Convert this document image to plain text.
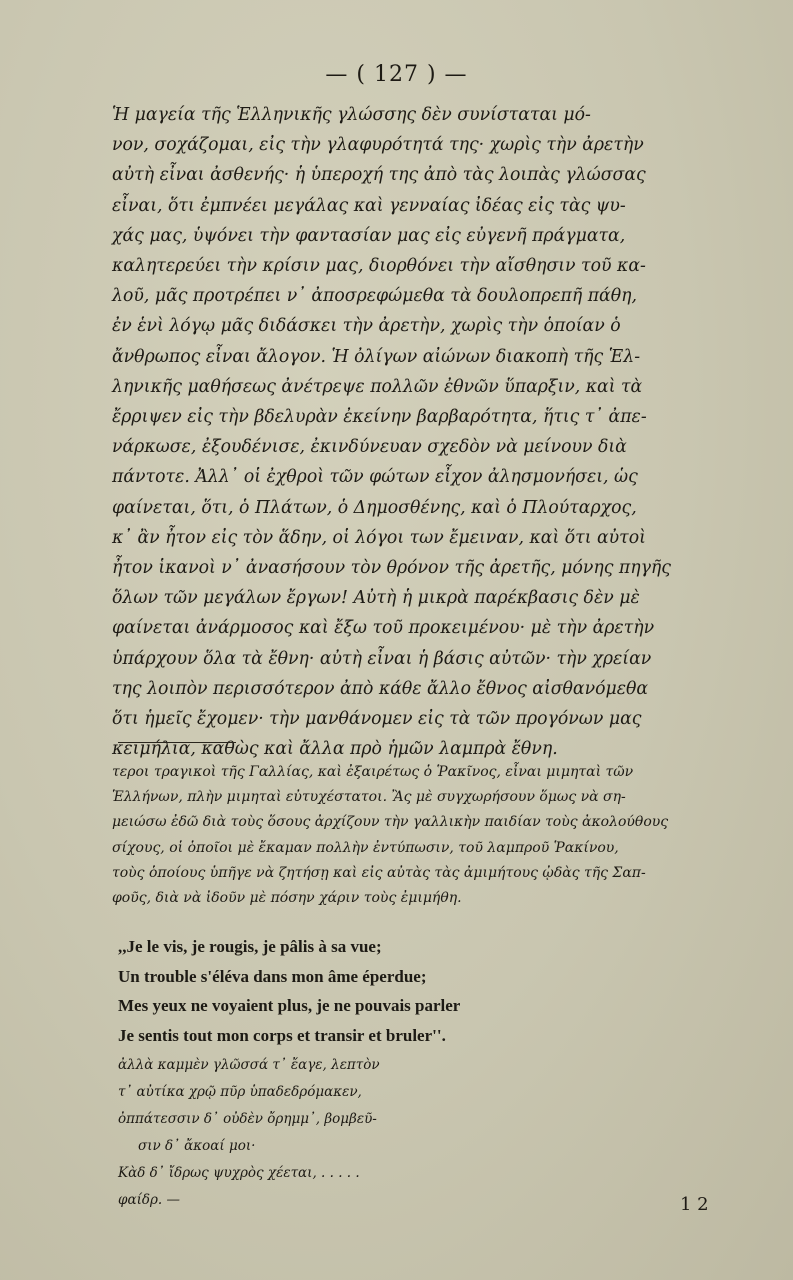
— ( 127 ) —
Ἡ μαγεία τῆς Ἑλληνικῆς γλώσσης δὲν συνίσταται μό-
νον, σοχάζομαι, εἰς τὴν γλαφυρότητά της· χωρὶς τὴν ἀρετὴν
αὐτὴ εἶναι ἀσθενής· ἡ ὑπεροχή της ἀπὸ τὰς λοιπὰς γλώσσας
εἶναι, ὅτι ἐμπνέει μεγάλας καὶ γενναίας ἰδέας εἰς τὰς ψυ-
χάς μας, ὑψόνει τὴν φαντασίαν μας εἰς εὐγενῆ πράγματα,
καλητερεύει τὴν κρίσιν μας, διορθόνει τὴν αἴσθησιν τοῦ κα-
λοῦ, μᾶς προτρέπει ν᾽ ἀποσρεφώμεθα τὰ δουλοπρεπῆ πάθη,
ἐν ἑνὶ λόγῳ μᾶς διδάσκει τὴν ἀρετὴν, χωρὶς τὴν ὁποίαν ὁ
ἄνθρωπος εἶναι ἄλογον. Ἡ ὀλίγων αἰώνων διακοπὴ τῆς Ἑλ-
ληνικῆς μαθήσεως ἀνέτρεψε πολλῶν ἐθνῶν ὕπαρξιν, καὶ τὰ
ἔρριψεν εἰς τὴν βδελυρὰν ἐκείνην βαρβαρότητα, ἥτις τ᾽ ἀπε-
νάρκωσε, ἐξουδένισε, ἐκινδύνευαν σχεδὸν νὰ μείνουν διὰ
πάντοτε. Ἀλλ᾽ οἱ ἐχθροὶ τῶν φώτων εἶχον ἀλησμονήσει, ὡς
φαίνεται, ὅτι, ὁ Πλάτων, ὁ Δημοσθένης, καὶ ὁ Πλούταρχος,
κ᾽ ἂν ἦτον εἰς τὸν ἅδην, οἱ λόγοι των ἔμειναν, καὶ ὅτι αὐτοὶ
ἦτον ἱκανοὶ ν᾽ ἀνασήσουν τὸν θρόνον τῆς ἀρετῆς, μόνης πηγῆς
ὅλων τῶν μεγάλων ἔργων! Αὐτὴ ἡ μικρὰ παρέκβασις δὲν μὲ
φαίνεται ἀνάρμοσος καὶ ἔξω τοῦ προκειμένου· μὲ τὴν ἀρετὴν
ὑπάρχουν ὅλα τὰ ἔθνη· αὐτὴ εἶναι ἡ βάσις αὐτῶν· τὴν χρείαν
της λοιπὸν περισσότερον ἀπὸ κάθε ἄλλο ἔθνος αἰσθανόμεθα
ὅτι ἡμεῖς ἔχομεν· τὴν μανθάνομεν εἰς τὰ τῶν προγόνων μας
κειμήλια, καθὼς καὶ ἄλλα πρὸ ἡμῶν λαμπρὰ ἔθνη.
τεροι τραγικοὶ τῆς Γαλλίας, καὶ ἐξαιρέτως ὁ Ῥακῖνος, εἶναι μιμηταὶ τῶν
Ἑλλήνων, πλὴν μιμηταὶ εὐτυχέστατοι. Ἂς μὲ συγχωρήσουν ὅμως νὰ ση-
μειώσω ἐδῶ διὰ τοὺς ὅσους ἀρχίζουν τὴν γαλλικὴν παιδίαν τοὺς ἀκολούθους
σίχους, οἱ ὁποῖοι μὲ ἔκαμαν πολλὴν ἐντύπωσιν, τοῦ λαμπροῦ Ῥακίνου,
τοὺς ὁποίους ὑπῆγε νὰ ζητήσῃ καὶ εἰς αὐτὰς τὰς ἀμιμήτους ᾠδὰς τῆς Σαπ-
φοῦς, διὰ νὰ ἰδοῦν μὲ πόσην χάριν τοὺς ἐμιμήθη.
,,Je le vis, je rougis, je pâlis à sa vue;
Un trouble s'éléva dans mon âme éperdue;
Mes yeux ne voyaient plus, je ne pouvais parler
Je sentis tout mon corps et transir et bruler''.
ἀλλὰ καμμὲν γλῶσσά τ᾽ ἔαγε, λεπτὸν
τ᾽ αὐτίκα χρῷ πῦρ ὑπαδεδρόμακεν,
ὀππάτεσσιν δ᾽ οὐδὲν ὄρημμ᾽, βομβεῦ-
σιν δ᾽ ἄκοαί μοι·
Κὰδ δ᾽ ἴδρως ψυχρὸς χέεται, . . . . .
φαίδρ. —	1 2
